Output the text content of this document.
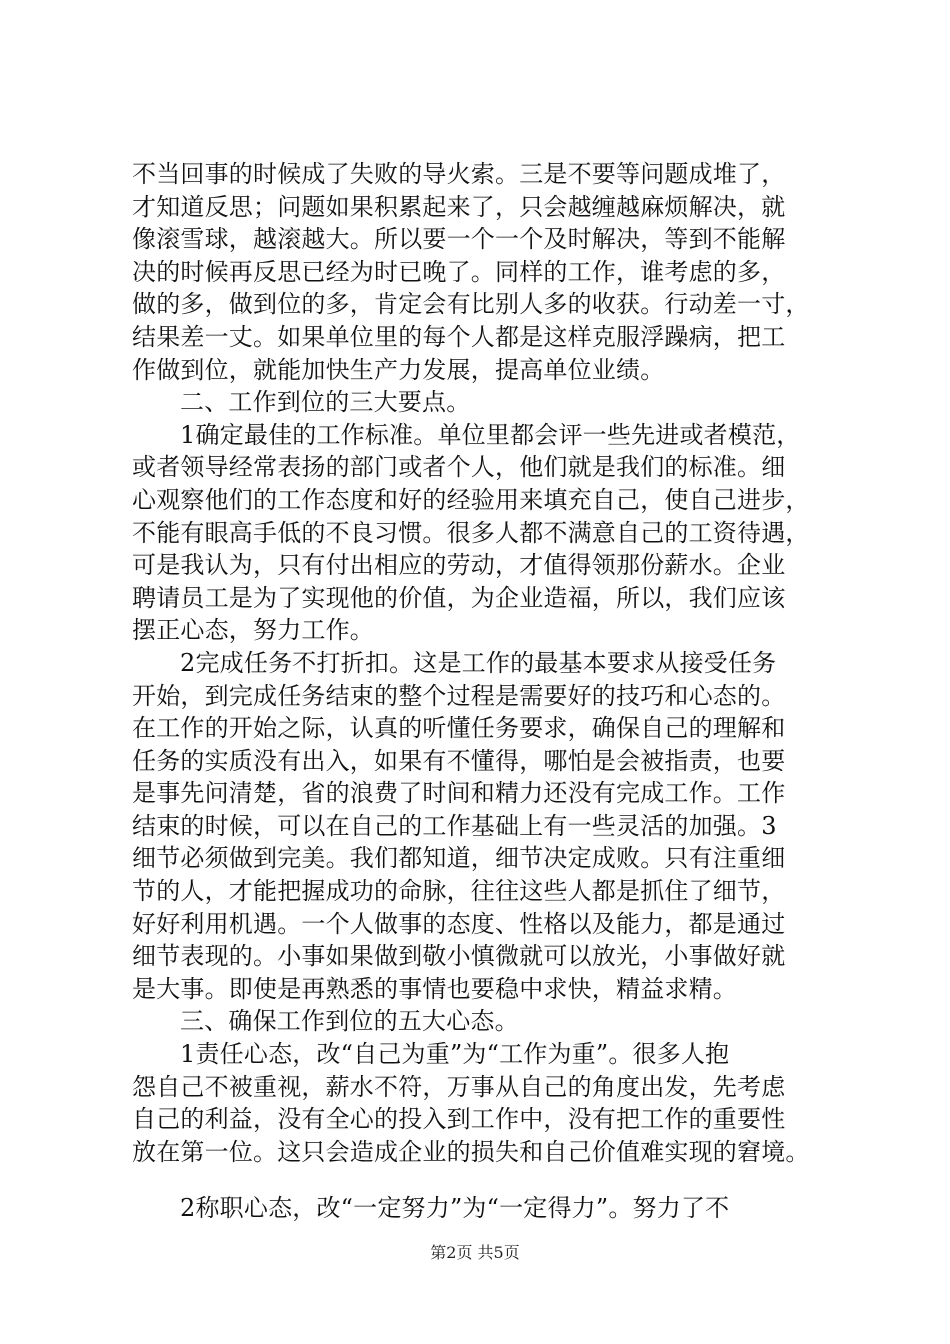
不当回事的时候成了失败的导火索。三是不要等问题成堆了，
才知道反思；问题如果积累起来了，只会越缠越麻烦解决，就
像滚雪球，越滚越大。所以要一个一个及时解决，等到不能解
决的时候再反思已经为时已晚了。同样的工作，谁考虑的多，
做的多，做到位的多，肯定会有比别人多的收获。行动差一寸，
结果差一丈。如果单位里的每个人都是这样克服浮躁病，把工
作做到位，就能加快生产力发展，提高单位业绩。
二、工作到位的三大要点。
1确定最佳的工作标准。单位里都会评一些先进或者模范，
或者领导经常表扬的部门或者个人，他们就是我们的标准。细
心观察他们的工作态度和好的经验用来填充自己，使自己进步，
不能有眼高手低的不良习惯。很多人都不满意自己的工资待遇，
可是我认为，只有付出相应的劳动，才值得领那份薪水。企业
聘请员工是为了实现他的价值，为企业造福，所以，我们应该
摆正心态，努力工作。
2完成任务不打折扣。这是工作的最基本要求从接受任务
开始，到完成任务结束的整个过程是需要好的技巧和心态的。
在工作的开始之际，认真的听懂任务要求，确保自己的理解和
任务的实质没有出入，如果有不懂得，哪怕是会被指责，也要
是事先问清楚，省的浪费了时间和精力还没有完成工作。工作
结束的时候，可以在自己的工作基础上有一些灵活的加强。3
细节必须做到完美。我们都知道，细节决定成败。只有注重细
节的人，才能把握成功的命脉，往往这些人都是抓住了细节，
好好利用机遇。一个人做事的态度、性格以及能力，都是通过
细节表现的。小事如果做到敬小慎微就可以放光，小事做好就
是大事。即使是再熟悉的事情也要稳中求快，精益求精。
三、确保工作到位的五大心态。
1责任心态，改“自己为重”为“工作为重”。很多人抱
怨自己不被重视，薪水不符，万事从自己的角度出发，先考虑
自己的利益，没有全心的投入到工作中，没有把工作的重要性
放在第一位。这只会造成企业的损失和自己价值难实现的窘境。
2称职心态，改“一定努力”为“一定得力”。努力了不
第2页 共5页
